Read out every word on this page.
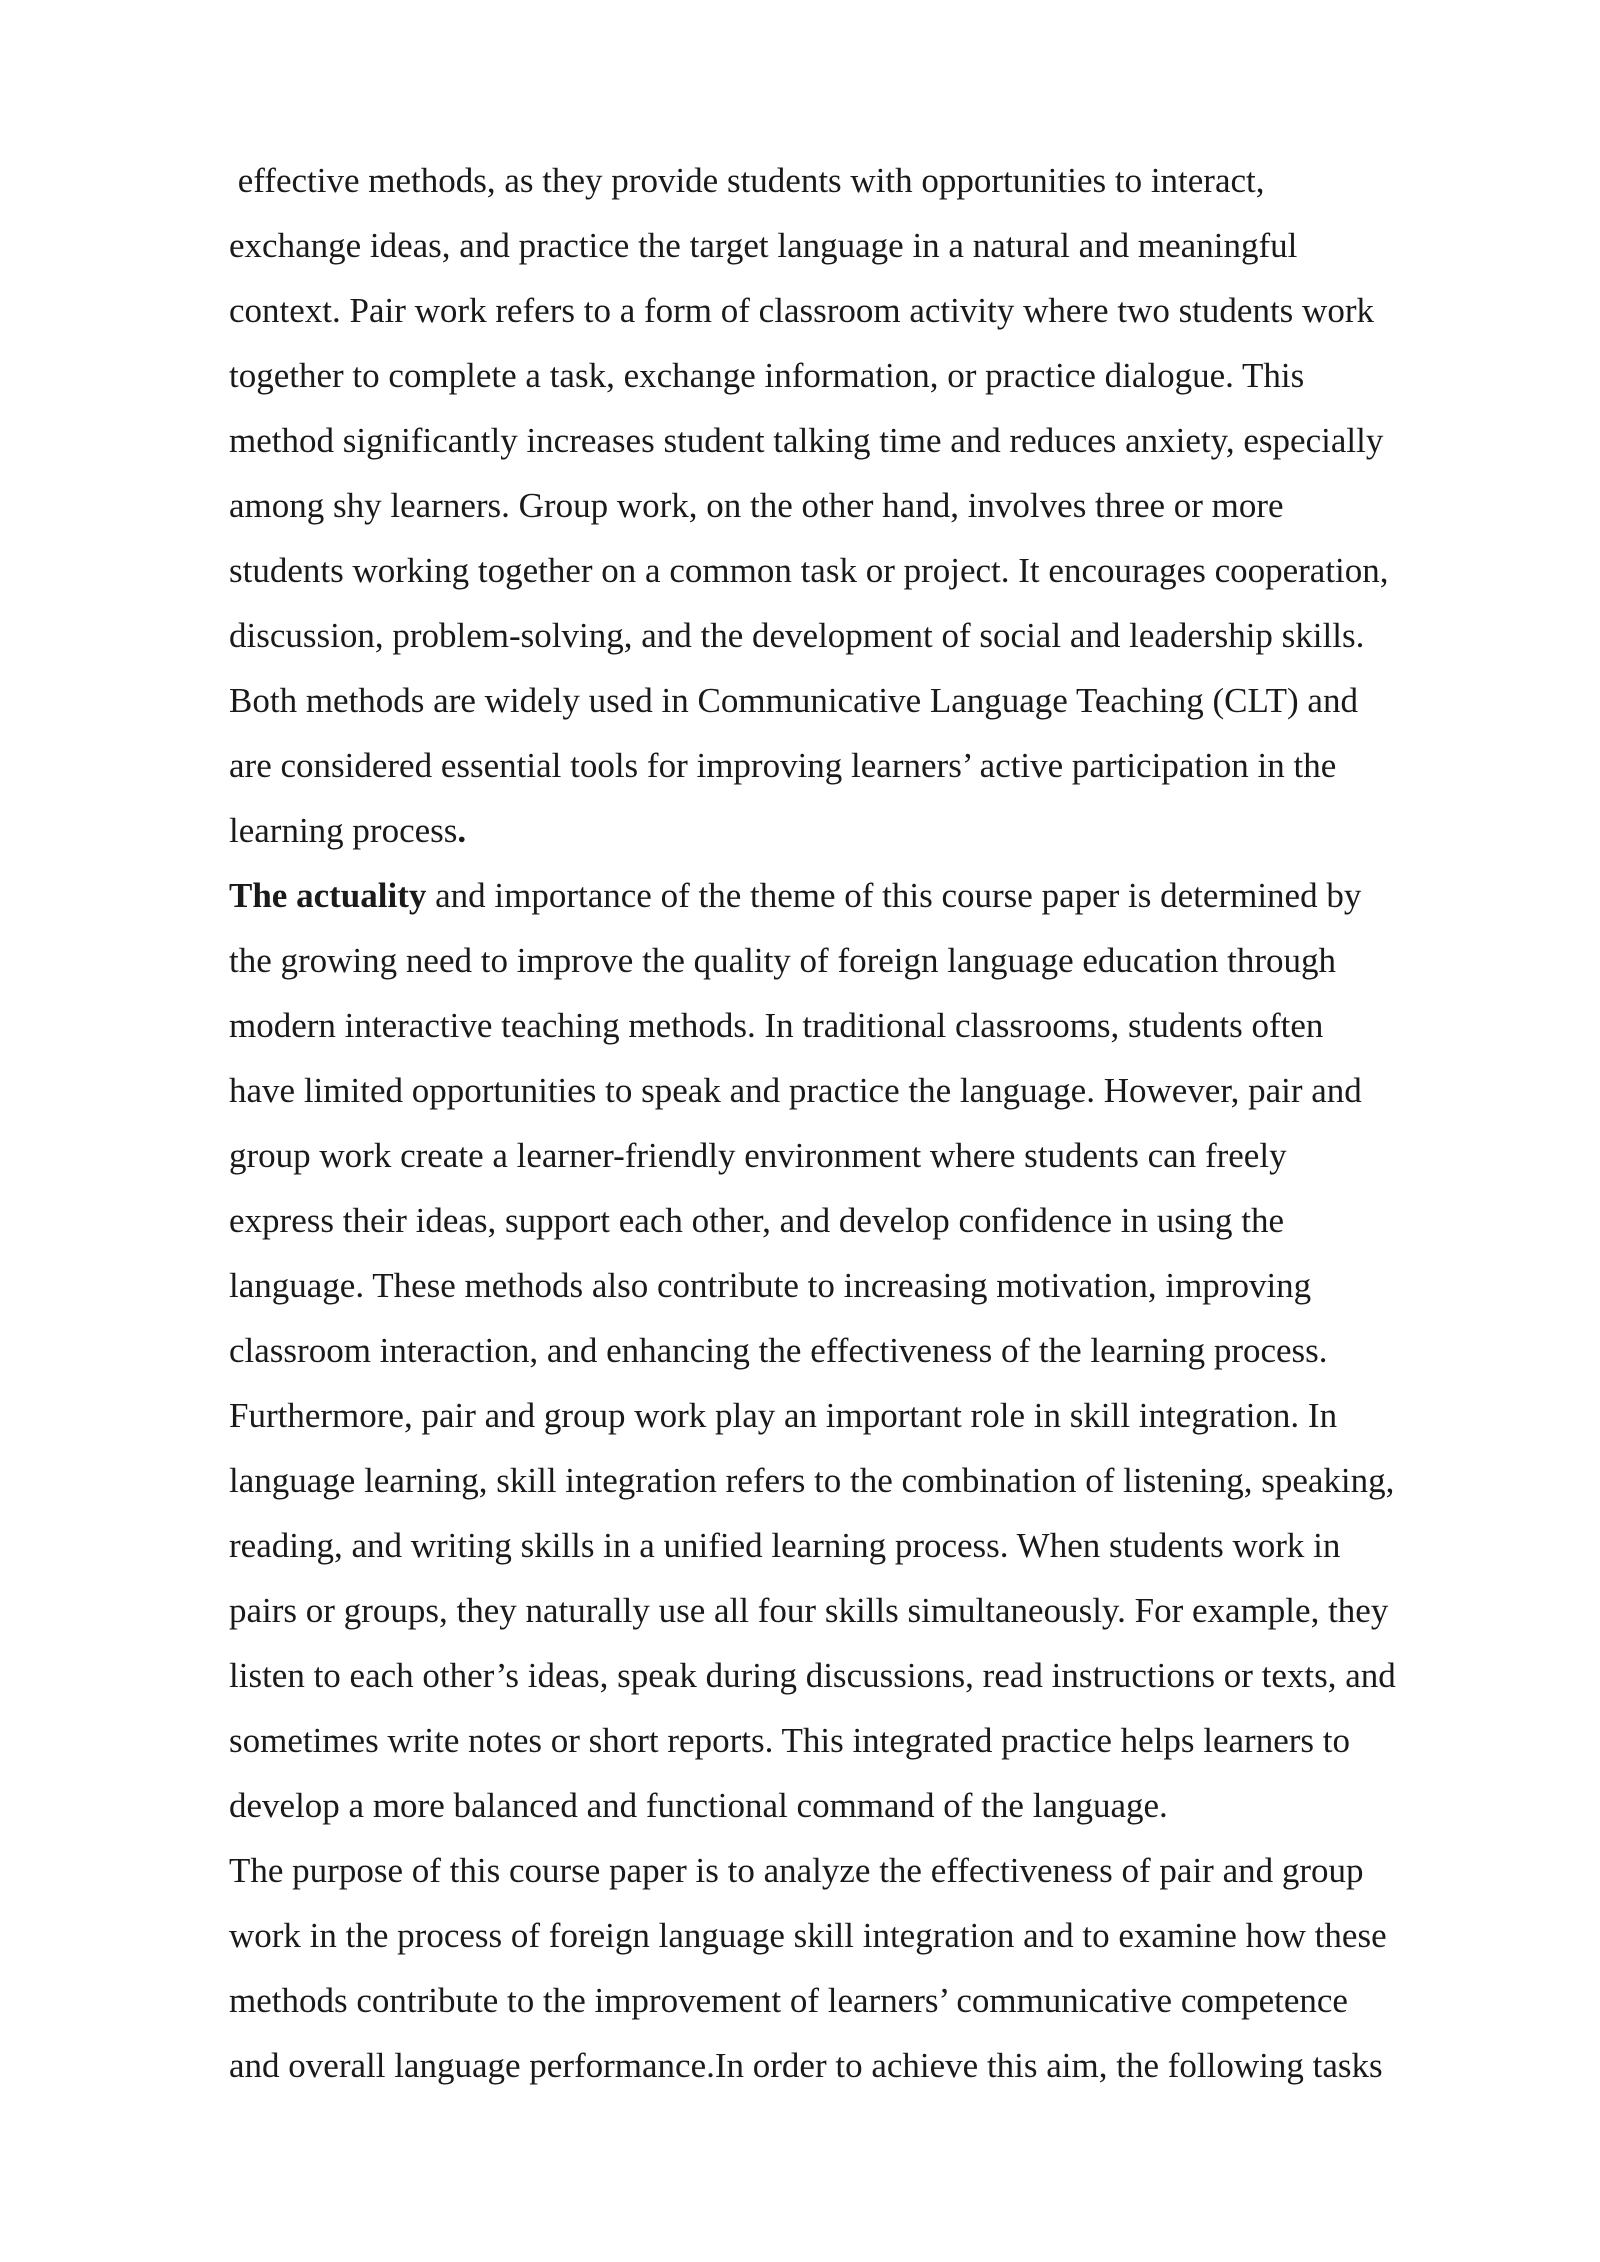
effective methods, as they provide students with opportunities to interact,
exchange ideas, and practice the target language in a natural and meaningful
context. Pair work refers to a form of classroom activity where two students work
together to complete a task, exchange information, or practice dialogue. This
method significantly increases student talking time and reduces anxiety, especially
among shy learners. Group work, on the other hand, involves three or more
students working together on a common task or project. It encourages cooperation,
discussion, problem-solving, and the development of social and leadership skills.
Both methods are widely used in Communicative Language Teaching (CLT) and
are considered essential tools for improving learners’ active participation in the
learning process.
The actuality and importance of the theme of this course paper is determined by
the growing need to improve the quality of foreign language education through
modern interactive teaching methods. In traditional classrooms, students often
have limited opportunities to speak and practice the language. However, pair and
group work create a learner-friendly environment where students can freely
express their ideas, support each other, and develop confidence in using the
language. These methods also contribute to increasing motivation, improving
classroom interaction, and enhancing the effectiveness of the learning process.
Furthermore, pair and group work play an important role in skill integration. In
language learning, skill integration refers to the combination of listening, speaking,
reading, and writing skills in a unified learning process. When students work in
pairs or groups, they naturally use all four skills simultaneously. For example, they
listen to each other’s ideas, speak during discussions, read instructions or texts, and
sometimes write notes or short reports. This integrated practice helps learners to
develop a more balanced and functional command of the language.
The purpose of this course paper is to analyze the effectiveness of pair and group
work in the process of foreign language skill integration and to examine how these
methods contribute to the improvement of learners’ communicative competence
and overall language performance.In order to achieve this aim, the following tasks
